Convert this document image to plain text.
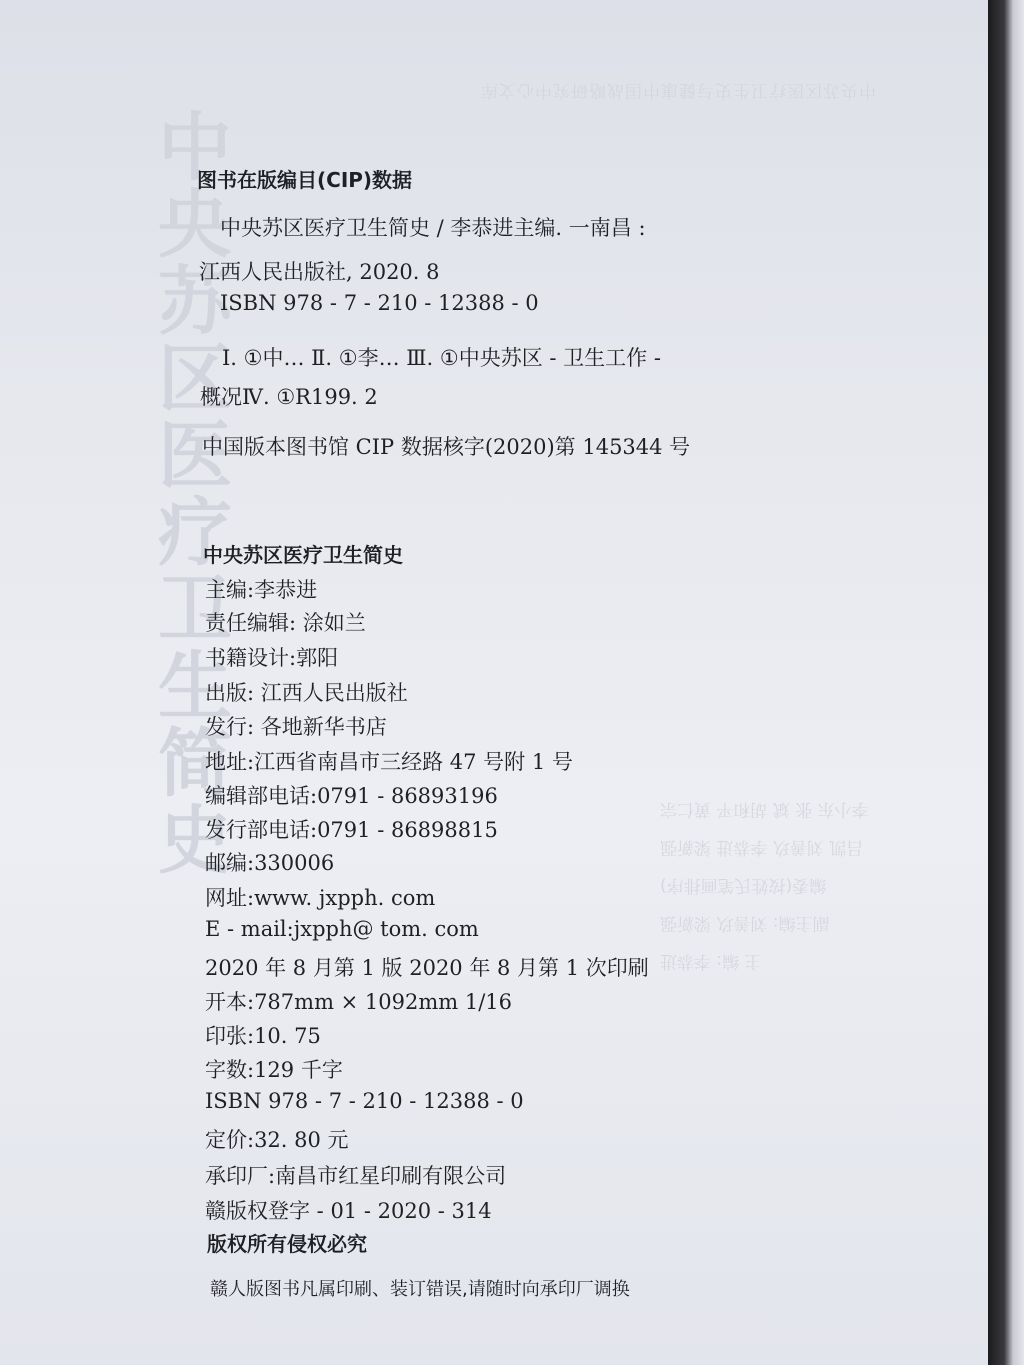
中
央
苏
区
医
疗
卫
生
简
史
中央苏区医疗卫生史与健康中国战略研究中心文库
主 编: 李恭进
副主编: 刘善玖 梁新强
编委(按姓氏笔画排序)
吕凯 刘善玖 李恭进 梁新强
李小东 张 斌 胡和平 黄仁宗
图书在版编目(CIP)数据
中央苏区医疗卫生简史 / 李恭进主编. 一南昌 :
江西人民出版社, 2020. 8
ISBN 978 - 7 - 210 - 12388 - 0
Ⅰ. ①中… Ⅱ. ①李… Ⅲ. ①中央苏区 - 卫生工作 -
概况Ⅳ. ①R199. 2
中国版本图书馆 CIP 数据核字(2020)第 145344 号
中央苏区医疗卫生简史
主编:李恭进
责任编辑: 涂如兰
书籍设计:郭阳
出版: 江西人民出版社
发行: 各地新华书店
地址:江西省南昌市三经路 47 号附 1 号
编辑部电话:0791 - 86893196
发行部电话:0791 - 86898815
邮编:330006
网址:www. jxpph. com
E - mail:jxpph@ tom. com
2020 年 8 月第 1 版 2020 年 8 月第 1 次印刷
开本:787mm × 1092mm 1/16
印张:10. 75
字数:129 千字
ISBN 978 - 7 - 210 - 12388 - 0
定价:32. 80 元
承印厂:南昌市红星印刷有限公司
赣版权登字 - 01 - 2020 - 314
版权所有侵权必究
赣人版图书凡属印刷、装订错误,请随时向承印厂调换
